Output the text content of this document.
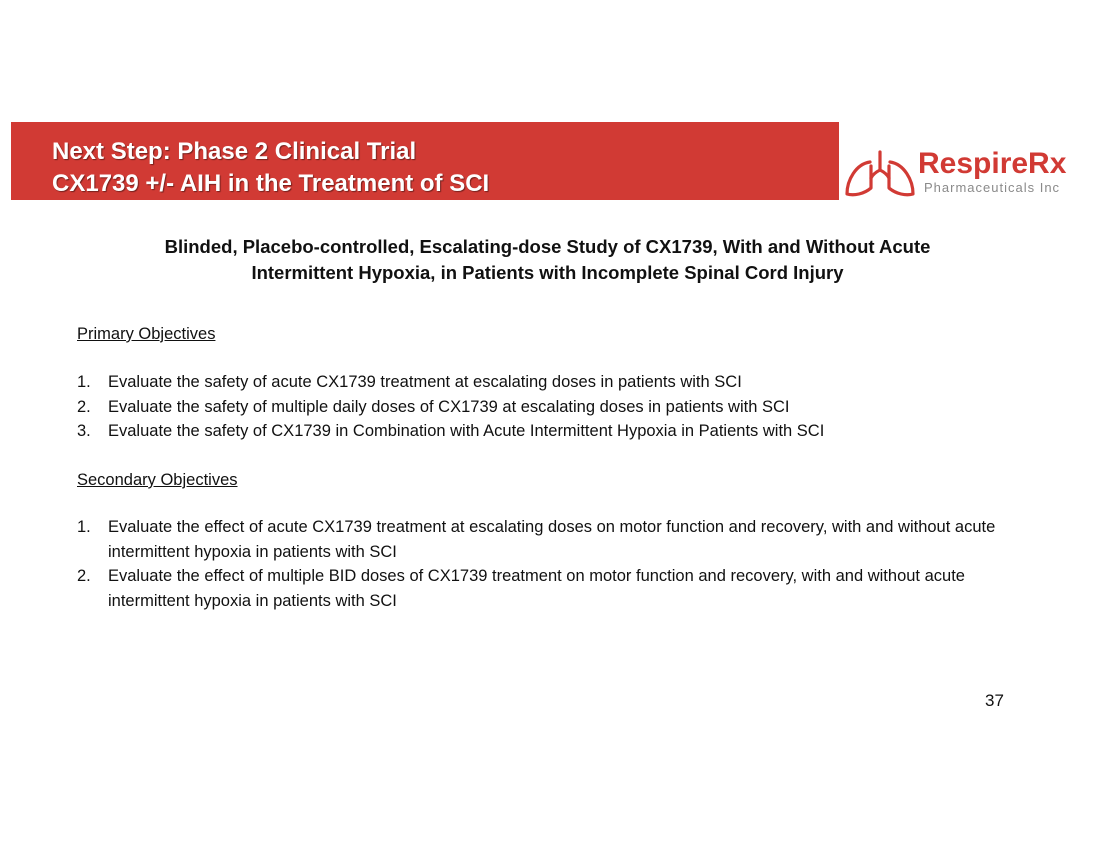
Next Step: Phase 2 Clinical Trial
CX1739 +/- AIH in the Treatment of SCI
RespireRx
Pharmaceuticals Inc
Blinded, Placebo-controlled, Escalating-dose Study of CX1739, With and Without Acute
Intermittent Hypoxia, in Patients with Incomplete Spinal Cord Injury
Primary Objectives
1. Evaluate the safety of acute CX1739 treatment at escalating doses in patients with SCI
2. Evaluate the safety of multiple daily doses of CX1739 at escalating doses in patients with SCI
3. Evaluate the safety of CX1739 in Combination with Acute Intermittent Hypoxia in Patients with SCI
Secondary Objectives
1. Evaluate the effect of acute CX1739 treatment at escalating doses on motor function and recovery, with and without acute intermittent hypoxia in patients with SCI
2. Evaluate the effect of multiple BID doses of CX1739 treatment on motor function and recovery, with and without acute intermittent hypoxia in patients with SCI
37
